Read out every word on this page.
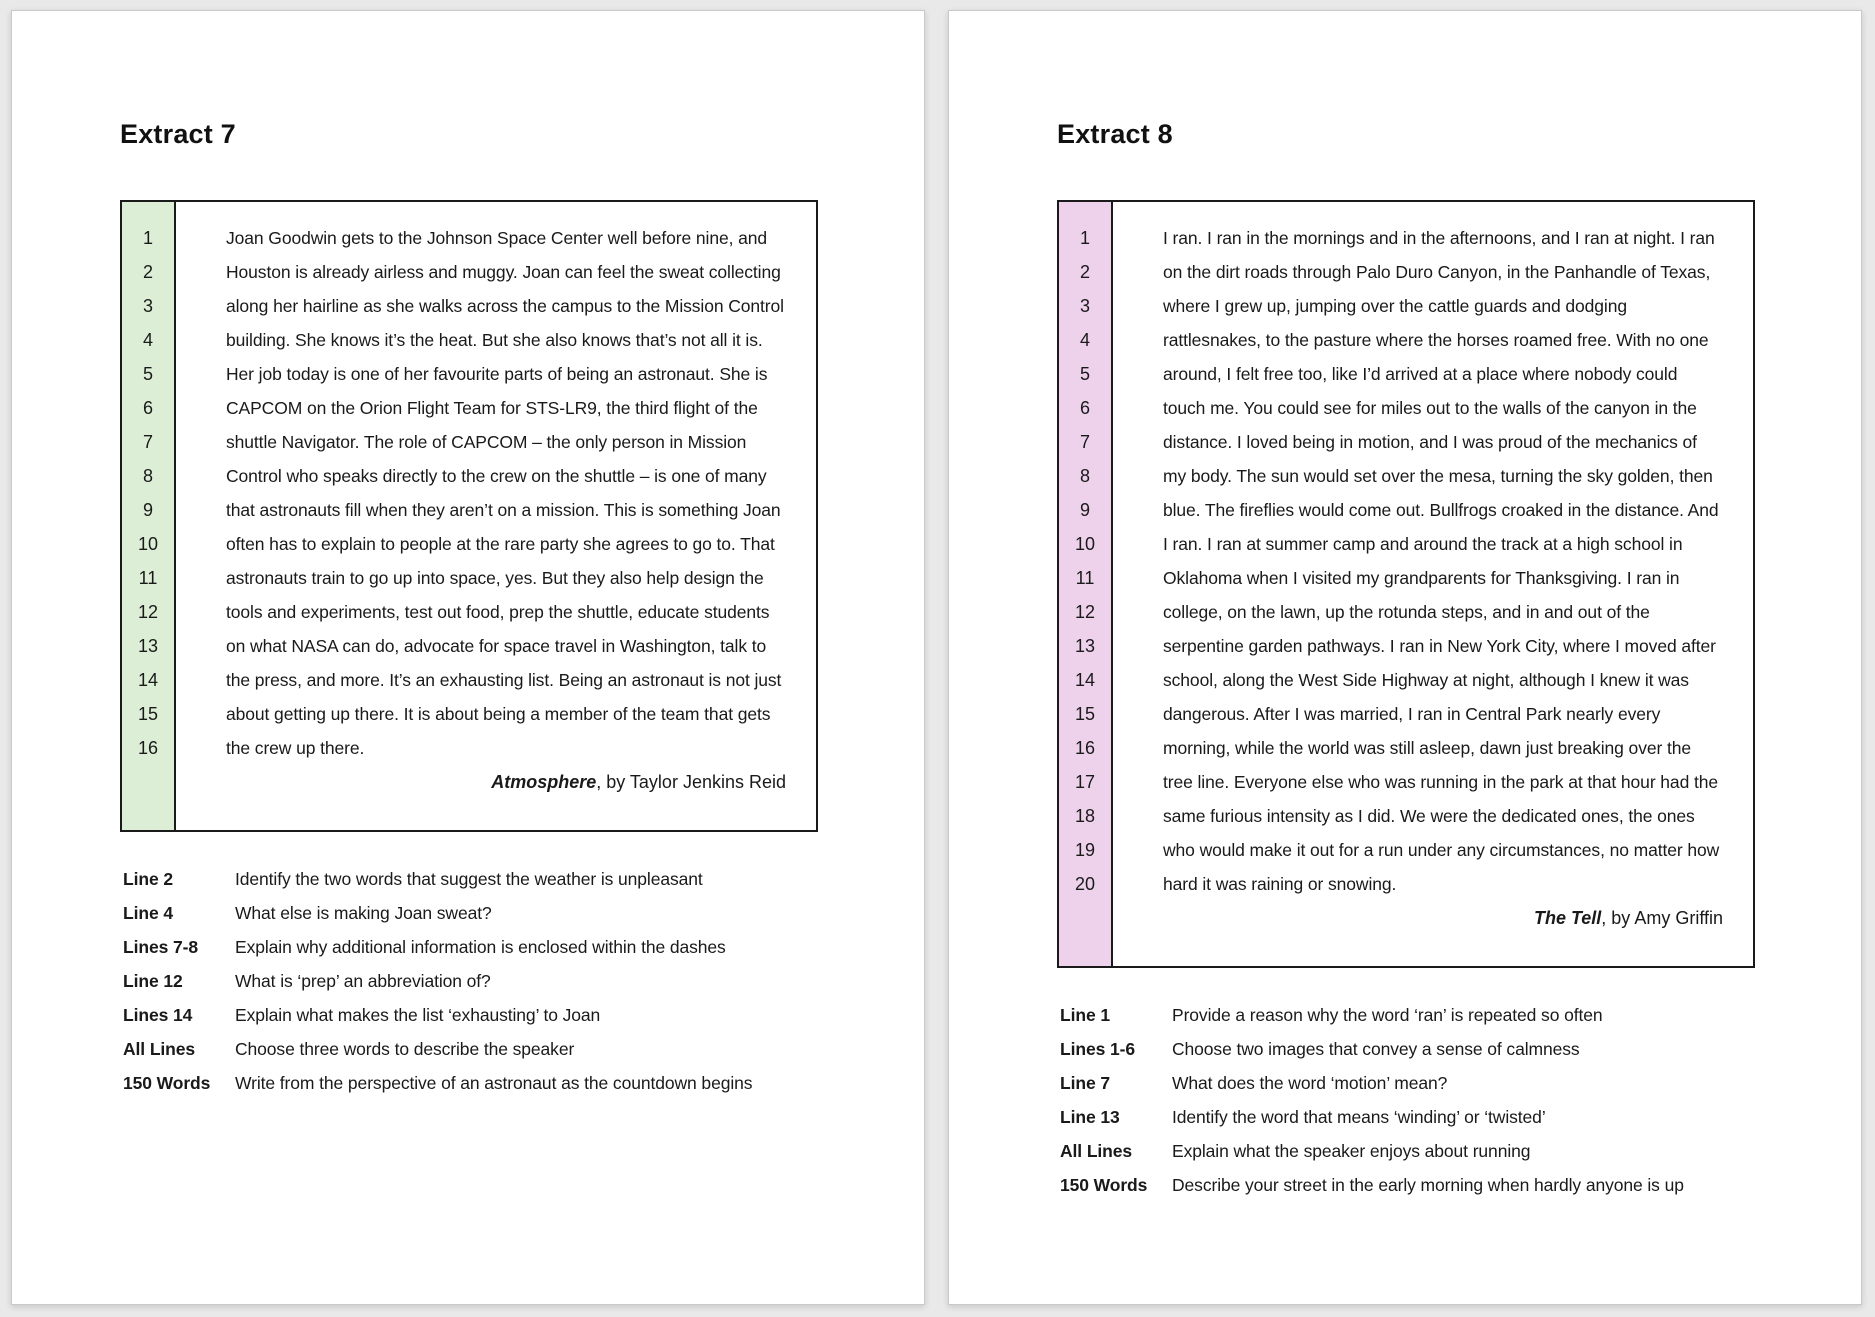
Extract 7
1
2
3
4
5
6
7
8
9
10
11
12
13
14
15
16
Joan Goodwin gets to the Johnson Space Center well before nine, and
Houston is already airless and muggy. Joan can feel the sweat collecting
along her hairline as she walks across the campus to the Mission Control
building. She knows it’s the heat. But she also knows that’s not all it is.
Her job today is one of her favourite parts of being an astronaut. She is
CAPCOM on the Orion Flight Team for STS-LR9, the third flight of the
shuttle Navigator. The role of CAPCOM – the only person in Mission
Control who speaks directly to the crew on the shuttle – is one of many
that astronauts fill when they aren’t on a mission. This is something Joan
often has to explain to people at the rare party she agrees to go to. That
astronauts train to go up into space, yes. But they also help design the
tools and experiments, test out food, prep the shuttle, educate students
on what NASA can do, advocate for space travel in Washington, talk to
the press, and more. It’s an exhausting list. Being an astronaut is not just
about getting up there. It is about being a member of the team that gets
the crew up there.
Atmosphere , by Taylor Jenkins Reid
Line 2	Identify the two words that suggest the weather is unpleasant
Line 4	What else is making Joan sweat?
Lines 7-8	Explain why additional information is enclosed within the dashes
Line 12	What is ‘prep’ an abbreviation of?
Lines 14	Explain what makes the list ‘exhausting’ to Joan
All Lines	Choose three words to describe the speaker
150 Words	Write from the perspective of an astronaut as the countdown begins
Extract 8
1
2
3
4
5
6
7
8
9
10
11
12
13
14
15
16
17
18
19
20
I ran. I ran in the mornings and in the afternoons, and I ran at night. I ran
on the dirt roads through Palo Duro Canyon, in the Panhandle of Texas,
where I grew up, jumping over the cattle guards and dodging
rattlesnakes, to the pasture where the horses roamed free. With no one
around, I felt free too, like I’d arrived at a place where nobody could
touch me. You could see for miles out to the walls of the canyon in the
distance. I loved being in motion, and I was proud of the mechanics of
my body. The sun would set over the mesa, turning the sky golden, then
blue. The fireflies would come out. Bullfrogs croaked in the distance. And
I ran. I ran at summer camp and around the track at a high school in
Oklahoma when I visited my grandparents for Thanksgiving. I ran in
college, on the lawn, up the rotunda steps, and in and out of the
serpentine garden pathways. I ran in New York City, where I moved after
school, along the West Side Highway at night, although I knew it was
dangerous. After I was married, I ran in Central Park nearly every
morning, while the world was still asleep, dawn just breaking over the
tree line. Everyone else who was running in the park at that hour had the
same furious intensity as I did. We were the dedicated ones, the ones
who would make it out for a run under any circumstances, no matter how
hard it was raining or snowing.
The Tell , by Amy Griffin
Line 1	Provide a reason why the word ‘ran’ is repeated so often
Lines 1-6	Choose two images that convey a sense of calmness
Line 7	What does the word ‘motion’ mean?
Line 13	Identify the word that means ‘winding’ or ‘twisted’
All Lines	Explain what the speaker enjoys about running
150 Words	Describe your street in the early morning when hardly anyone is up
